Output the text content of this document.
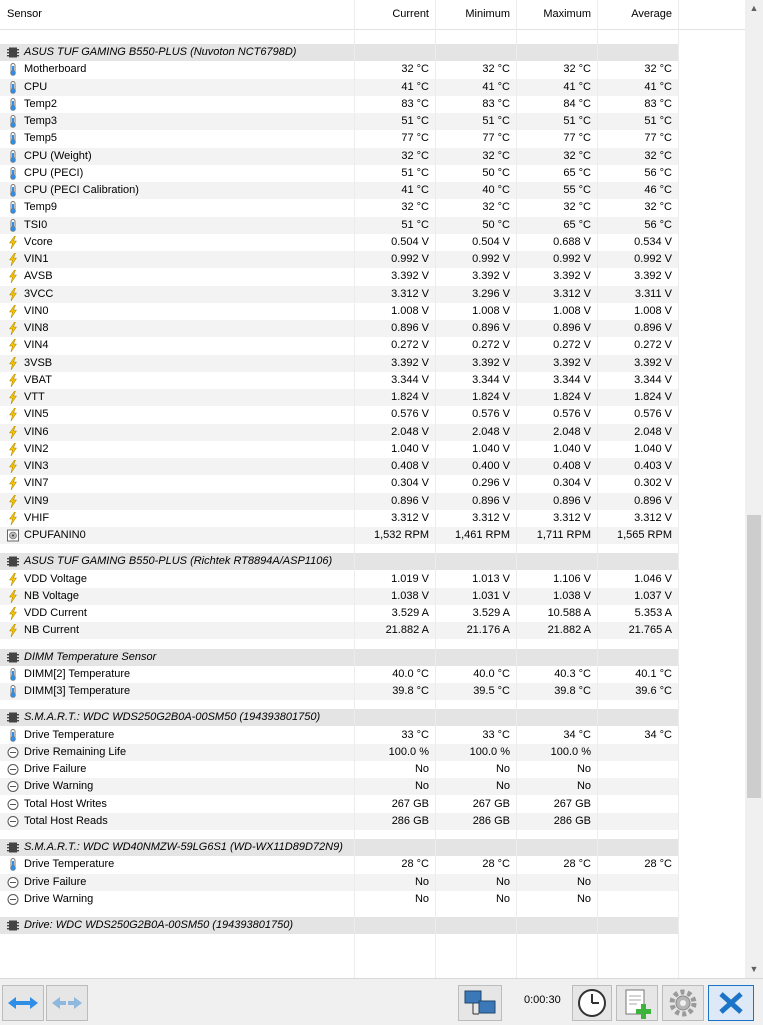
Sensor	Current	Minimum	Maximum	Average
ASUS TUF GAMING B550-PLUS (Nuvoton NCT6798D)
Motherboard	32 °C	32 °C	32 °C	32 °C
CPU	41 °C	41 °C	41 °C	41 °C
Temp2	83 °C	83 °C	84 °C	83 °C
Temp3	51 °C	51 °C	51 °C	51 °C
Temp5	77 °C	77 °C	77 °C	77 °C
CPU (Weight)	32 °C	32 °C	32 °C	32 °C
CPU (PECI)	51 °C	50 °C	65 °C	56 °C
CPU (PECI Calibration)	41 °C	40 °C	55 °C	46 °C
Temp9	32 °C	32 °C	32 °C	32 °C
TSI0	51 °C	50 °C	65 °C	56 °C
Vcore	0.504 V	0.504 V	0.688 V	0.534 V
VIN1	0.992 V	0.992 V	0.992 V	0.992 V
AVSB	3.392 V	3.392 V	3.392 V	3.392 V
3VCC	3.312 V	3.296 V	3.312 V	3.311 V
VIN0	1.008 V	1.008 V	1.008 V	1.008 V
VIN8	0.896 V	0.896 V	0.896 V	0.896 V
VIN4	0.272 V	0.272 V	0.272 V	0.272 V
3VSB	3.392 V	3.392 V	3.392 V	3.392 V
VBAT	3.344 V	3.344 V	3.344 V	3.344 V
VTT	1.824 V	1.824 V	1.824 V	1.824 V
VIN5	0.576 V	0.576 V	0.576 V	0.576 V
VIN6	2.048 V	2.048 V	2.048 V	2.048 V
VIN2	1.040 V	1.040 V	1.040 V	1.040 V
VIN3	0.408 V	0.400 V	0.408 V	0.403 V
VIN7	0.304 V	0.296 V	0.304 V	0.302 V
VIN9	0.896 V	0.896 V	0.896 V	0.896 V
VHIF	3.312 V	3.312 V	3.312 V	3.312 V
CPUFANIN0	1,532 RPM	1,461 RPM	1,711 RPM	1,565 RPM
ASUS TUF GAMING B550-PLUS (Richtek RT8894A/ASP1106)
VDD Voltage	1.019 V	1.013 V	1.106 V	1.046 V
NB Voltage	1.038 V	1.031 V	1.038 V	1.037 V
VDD Current	3.529 A	3.529 A	10.588 A	5.353 A
NB Current	21.882 A	21.176 A	21.882 A	21.765 A
DIMM Temperature Sensor
DIMM[2] Temperature	40.0 °C	40.0 °C	40.3 °C	40.1 °C
DIMM[3] Temperature	39.8 °C	39.5 °C	39.8 °C	39.6 °C
S.M.A.R.T.: WDC WDS250G2B0A-00SM50 (194393801750)
Drive Temperature	33 °C	33 °C	34 °C	34 °C
Drive Remaining Life	100.0 %	100.0 %	100.0 %
Drive Failure	No	No	No
Drive Warning	No	No	No
Total Host Writes	267 GB	267 GB	267 GB
Total Host Reads	286 GB	286 GB	286 GB
S.M.A.R.T.: WDC WD40NMZW-59LG6S1 (WD-WX11D89D72N9)
Drive Temperature	28 °C	28 °C	28 °C	28 °C
Drive Failure	No	No	No
Drive Warning	No	No	No
Drive: WDC WDS250G2B0A-00SM50 (194393801750)
▲
▼
0:00:30
